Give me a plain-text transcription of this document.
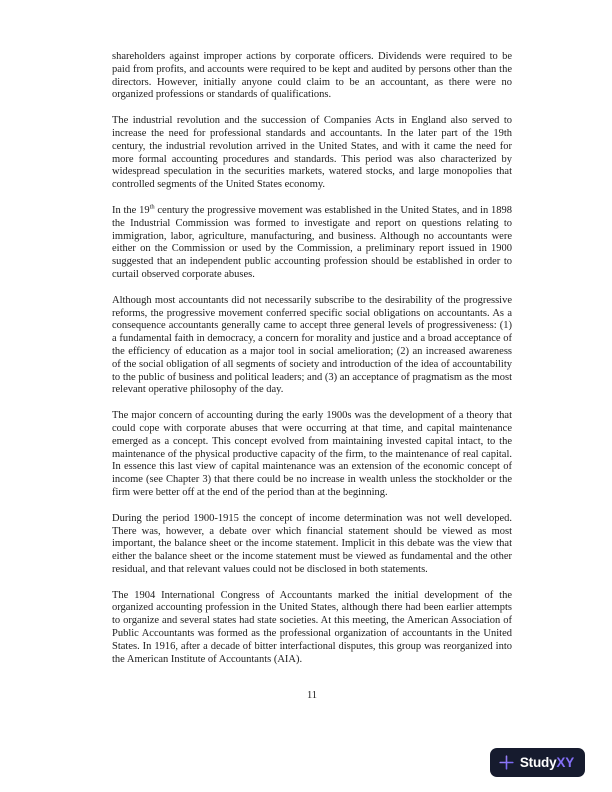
shareholders against improper actions by corporate officers. Dividends were required to be paid from profits, and accounts were required to be kept and audited by persons other than the directors. However, initially anyone could claim to be an accountant, as there were no organized professions or standards of qualifications.

The industrial revolution and the succession of Companies Acts in England also served to increase the need for professional standards and accountants. In the later part of the 19th century, the industrial revolution arrived in the United States, and with it came the need for more formal accounting procedures and standards. This period was also characterized by widespread speculation in the securities markets, watered stocks, and large monopolies that controlled segments of the United States economy.

In the 19th century the progressive movement was established in the United States, and in 1898 the Industrial Commission was formed to investigate and report on questions relating to immigration, labor, agriculture, manufacturing, and business. Although no accountants were either on the Commission or used by the Commission, a preliminary report issued in 1900 suggested that an independent public accounting profession should be established in order to curtail observed corporate abuses.

Although most accountants did not necessarily subscribe to the desirability of the progressive reforms, the progressive movement conferred specific social obligations on accountants. As a consequence accountants generally came to accept three general levels of progressiveness: (1) a fundamental faith in democracy, a concern for morality and justice and a broad acceptance of the efficiency of education as a major tool in social amelioration; (2) an increased awareness of the social obligation of all segments of society and introduction of the idea of accountability to the public of business and political leaders; and (3) an acceptance of pragmatism as the most relevant operative philosophy of the day.

The major concern of accounting during the early 1900s was the development of a theory that could cope with corporate abuses that were occurring at that time, and capital maintenance emerged as a concept. This concept evolved from maintaining invested capital intact, to the maintenance of the physical productive capacity of the firm, to the maintenance of real capital. In essence this last view of capital maintenance was an extension of the economic concept of income (see Chapter 3) that there could be no increase in wealth unless the stockholder or the firm were better off at the end of the period than at the beginning.

During the period 1900-1915 the concept of income determination was not well developed. There was, however, a debate over which financial statement should be viewed as most important, the balance sheet or the income statement. Implicit in this debate was the view that either the balance sheet or the income statement must be viewed as fundamental and the other residual, and that relevant values could not be disclosed in both statements.

The 1904 International Congress of Accountants marked the initial development of the organized accounting profession in the United States, although there had been earlier attempts to organize and several states had state societies. At this meeting, the American Association of Public Accountants was formed as the professional organization of accountants in the United States. In 1916, after a decade of bitter interfactional disputes, this group was reorganized into the American Institute of Accountants (AIA).

11
StudyXY
